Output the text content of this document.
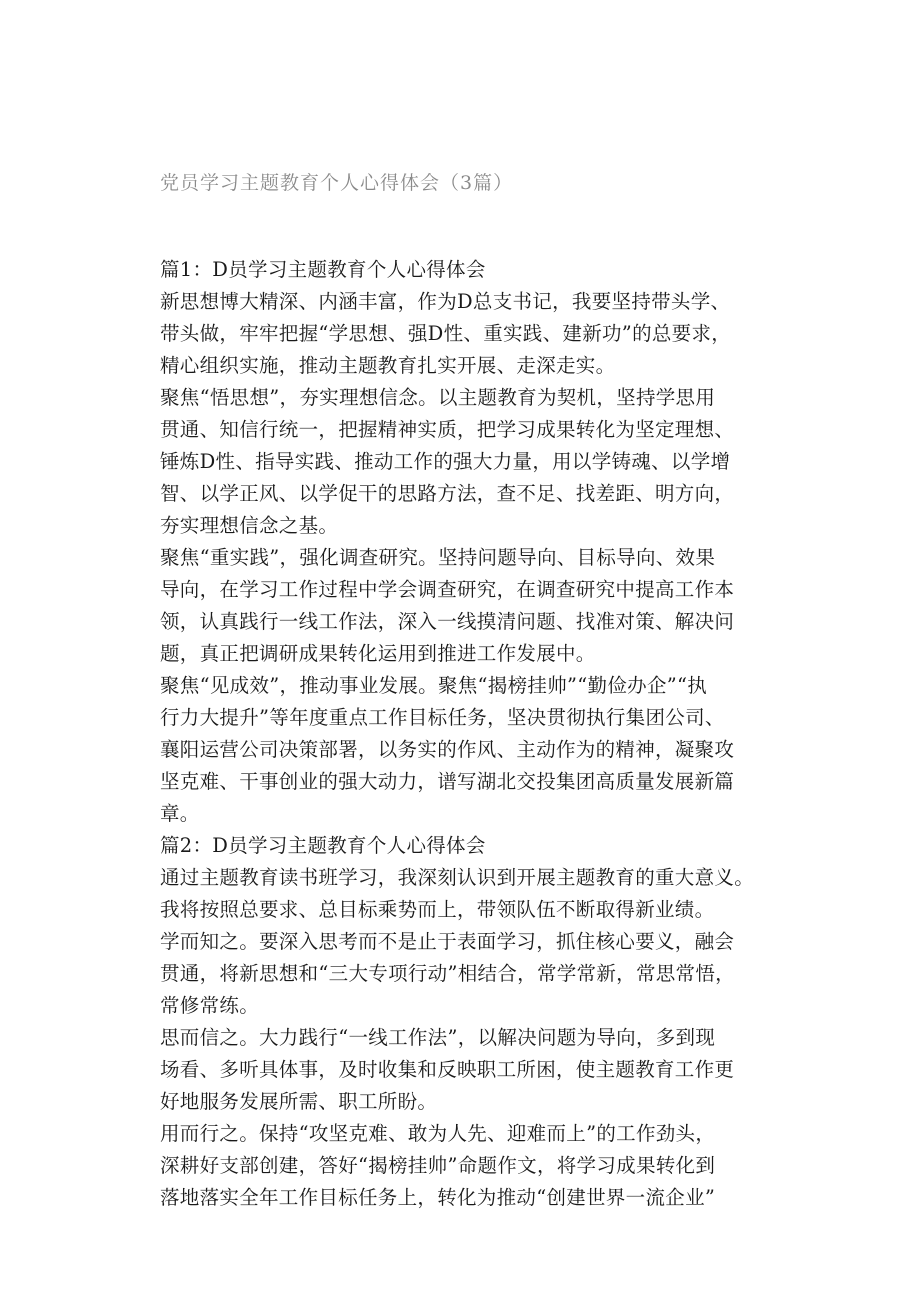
党员学习主题教育个人心得体会（3篇）
篇1：D员学习主题教育个人心得体会
新思想博大精深、内涵丰富，作为D总支书记，我要坚持带头学、
带头做，牢牢把握“学思想、强D性、重实践、建新功”的总要求，
精心组织实施，推动主题教育扎实开展、走深走实。
聚焦“悟思想”，夯实理想信念。以主题教育为契机，坚持学思用
贯通、知信行统一，把握精神实质，把学习成果转化为坚定理想、
锤炼D性、指导实践、推动工作的强大力量，用以学铸魂、以学增
智、以学正风、以学促干的思路方法，查不足、找差距、明方向，
夯实理想信念之基。
聚焦“重实践”，强化调查研究。坚持问题导向、目标导向、效果
导向，在学习工作过程中学会调查研究，在调查研究中提高工作本
领，认真践行一线工作法，深入一线摸清问题、找准对策、解决问
题，真正把调研成果转化运用到推进工作发展中。
聚焦“见成效”，推动事业发展。聚焦“揭榜挂帅”“勤俭办企”“执
行力大提升”等年度重点工作目标任务，坚决贯彻执行集团公司、
襄阳运营公司决策部署，以务实的作风、主动作为的精神，凝聚攻
坚克难、干事创业的强大动力，谱写湖北交投集团高质量发展新篇
章。
篇2：D员学习主题教育个人心得体会
通过主题教育读书班学习，我深刻认识到开展主题教育的重大意义。
我将按照总要求、总目标乘势而上，带领队伍不断取得新业绩。
学而知之。要深入思考而不是止于表面学习，抓住核心要义，融会
贯通，将新思想和“三大专项行动”相结合，常学常新，常思常悟，
常修常练。
思而信之。大力践行“一线工作法”，以解决问题为导向，多到现
场看、多听具体事，及时收集和反映职工所困，使主题教育工作更
好地服务发展所需、职工所盼。
用而行之。保持“攻坚克难、敢为人先、迎难而上”的工作劲头，
深耕好支部创建，答好“揭榜挂帅”命题作文，将学习成果转化到
落地落实全年工作目标任务上，转化为推动“创建世界一流企业”
